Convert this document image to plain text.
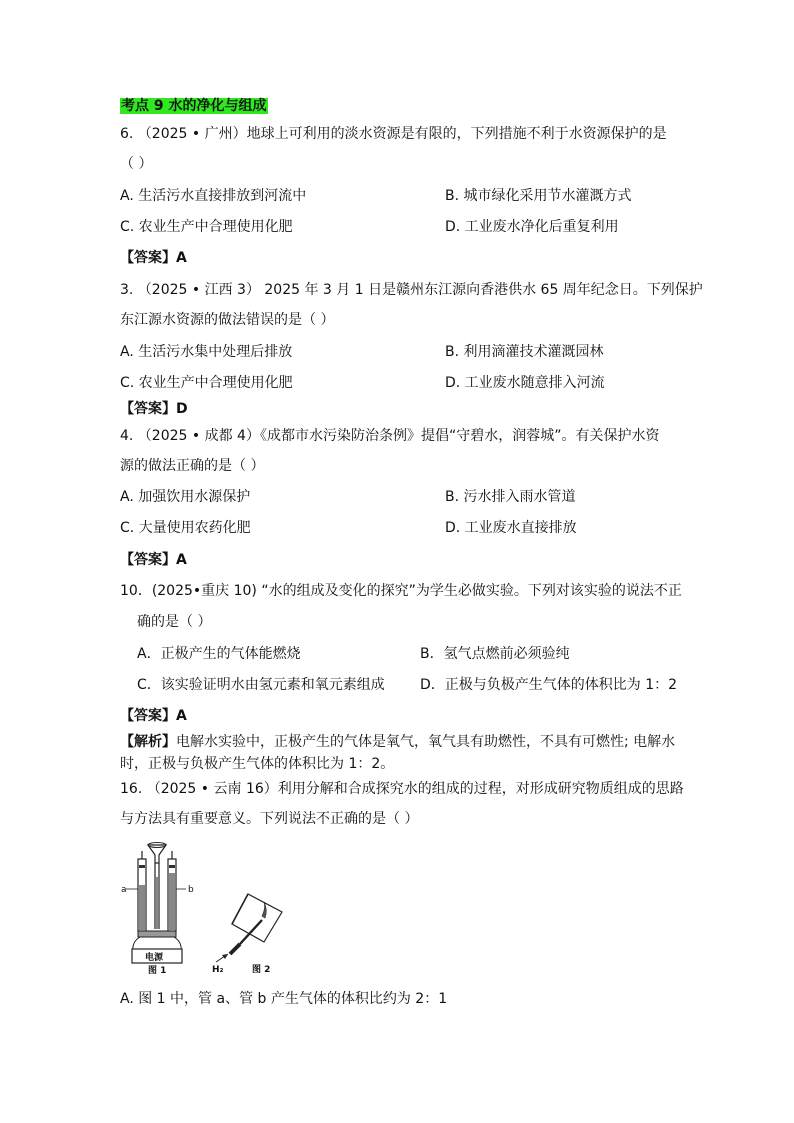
考点 9 水的净化与组成
6. （2025 • 广州）地球上可利用的淡水资源是有限的，下列措施不利于水资源保护的是
（ ）
A. 生活污水直接排放到河流中	B. 城市绿化采用节水灌溉方式
C. 农业生产中合理使用化肥	D. 工业废水净化后重复利用
【答案】A
3. （2025 • 江西 3） 2025 年 3 月 1 日是赣州东江源向香港供水 65 周年纪念日。下列保护
东江源水资源的做法错误的是（ ）
A. 生活污水集中处理后排放	B. 利用滴灌技术灌溉园林
C. 农业生产中合理使用化肥	D. 工业废水随意排入河流
【答案】D
4. （2025 • 成都 4）《成都市水污染防治条例》提倡“守碧水，润蓉城”。有关保护水资
源的做法正确的是（ ）
A. 加强饮用水源保护	B. 污水排入雨水管道
C. 大量使用农药化肥	D. 工业废水直接排放
【答案】A
10．(2025•重庆 10) “水的组成及变化的探究”为学生必做实验。下列对该实验的说法不正
确的是（ ）
A．正极产生的气体能燃烧	B．氢气点燃前必须验纯
C．该实验证明水由氢元素和氧元素组成	D．正极与负极产生气体的体积比为 1：2
【答案】A
【解析】电解水实验中，正极产生的气体是氧气，氧气具有助燃性，不具有可燃性; 电解水
时，正极与负极产生气体的体积比为 1：2。
16. （2025 • 云南 16）利用分解和合成探究水的组成的过程，对形成研究物质组成的思路
与方法具有重要意义。下列说法不正确的是（ ）
电源
a	b
图 1	H₂	图 2
A. 图 1 中，管 a、管 b 产生气体的体积比约为 2：1
